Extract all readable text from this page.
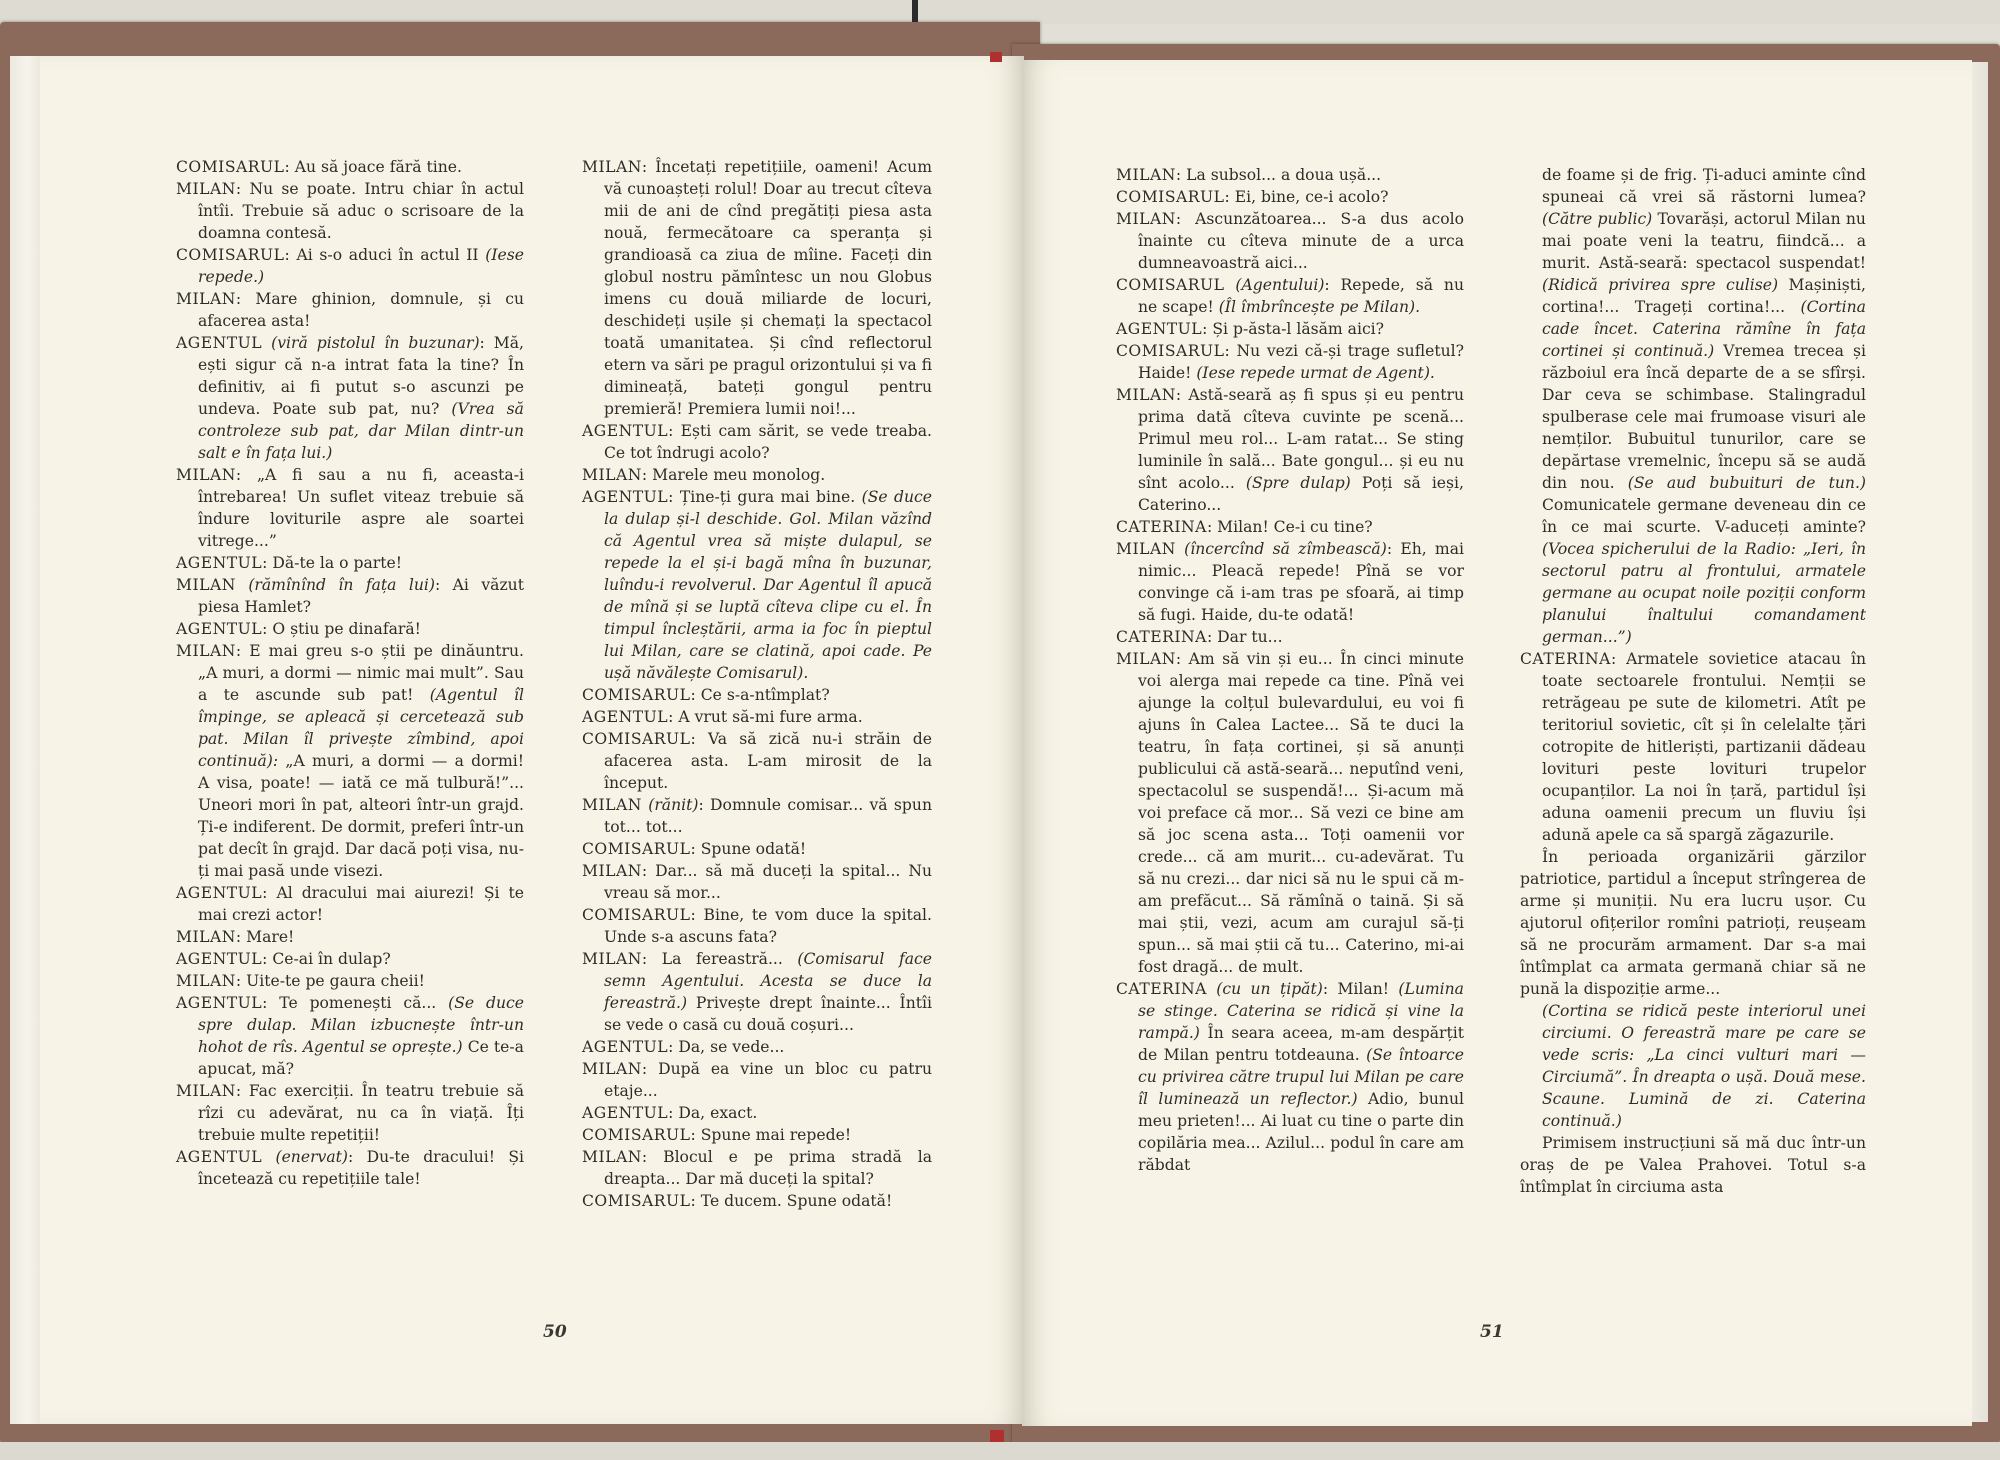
COMISARUL: Au să joace fără tine.

MILAN: Nu se poate. Intru chiar în actul întîi. Trebuie să aduc o scrisoare de la doamna contesă.

COMISARUL: Ai s-o aduci în actul II (Iese repede.)

MILAN: Mare ghinion, domnule, și cu afacerea asta!

AGENTUL (viră pistolul în buzunar): Mă, ești sigur că n-a intrat fata la tine? În definitiv, ai fi putut s-o ascunzi pe undeva. Poate sub pat, nu? (Vrea să controleze sub pat, dar Milan dintr-un salt e în fața lui.)

MILAN: „A fi sau a nu fi, aceasta-i întrebarea! Un suflet viteaz trebuie să îndure loviturile aspre ale soartei vitrege...”

AGENTUL: Dă-te la o parte!

MILAN (rămînînd în fața lui): Ai văzut piesa Hamlet?

AGENTUL: O știu pe dinafară!

MILAN: E mai greu s-o știi pe dinăuntru. „A muri, a dormi — nimic mai mult”. Sau a te ascunde sub pat! (Agentul îl împinge, se apleacă și cercetează sub pat. Milan îl privește zîmbind, apoi continuă): „A muri, a dormi — a dormi! A visa, poate! — iată ce mă tulbură!”... Uneori mori în pat, alteori într-un grajd. Ți-e indiferent. De dormit, preferi într-un pat decît în grajd. Dar dacă poți visa, nu-ți mai pasă unde visezi.

AGENTUL: Al dracului mai aiurezi! Și te mai crezi actor!

MILAN: Mare!

AGENTUL: Ce-ai în dulap?

MILAN: Uite-te pe gaura cheii!

AGENTUL: Te pomenești că... (Se duce spre dulap. Milan izbucnește într-un hohot de rîs. Agentul se oprește.) Ce te-a apucat, mă?

MILAN: Fac exerciții. În teatru trebuie să rîzi cu adevărat, nu ca în viață. Îți trebuie multe repetiții!

AGENTUL (enervat): Du-te dracului! Și încetează cu repetițiile tale!

MILAN: Încetați repetițiile, oameni! Acum vă cunoașteți rolul! Doar au trecut cîteva mii de ani de cînd pregătiți piesa asta nouă, fermecătoare ca speranța și grandioasă ca ziua de mîine. Faceți din globul nostru pămîntesc un nou Globus imens cu două miliarde de locuri, deschideți ușile și chemați la spectacol toată umanitatea. Și cînd reflectorul etern va sări pe pragul orizontului și va fi dimineață, bateți gongul pentru premieră! Premiera lumii noi!...

AGENTUL: Ești cam sărit, se vede treaba. Ce tot îndrugi acolo?

MILAN: Marele meu monolog.

AGENTUL: Ține-ți gura mai bine. (Se duce la dulap și-l deschide. Gol. Milan văzînd că Agentul vrea să miște dulapul, se repede la el și-i bagă mîna în buzunar, luîndu-i revolverul. Dar Agentul îl apucă de mînă și se luptă cîteva clipe cu el. În timpul încleștării, arma ia foc în pieptul lui Milan, care se clatină, apoi cade. Pe ușă năvălește Comisarul).

COMISARUL: Ce s-a-ntîmplat?

AGENTUL: A vrut să-mi fure arma.

COMISARUL: Va să zică nu-i străin de afacerea asta. L-am mirosit de la început.

MILAN (rănit): Domnule comisar... vă spun tot... tot...

COMISARUL: Spune odată!

MILAN: Dar... să mă duceți la spital... Nu vreau să mor...

COMISARUL: Bine, te vom duce la spital. Unde s-a ascuns fata?

MILAN: La fereastră... (Comisarul face semn Agentului. Acesta se duce la fereastră.) Privește drept înainte... Întîi se vede o casă cu două coșuri...

AGENTUL: Da, se vede...

MILAN: După ea vine un bloc cu patru etaje...

AGENTUL: Da, exact.

COMISARUL: Spune mai repede!

MILAN: Blocul e pe prima stradă la dreapta... Dar mă duceți la spital?

COMISARUL: Te ducem. Spune odată!

MILAN: La subsol... a doua ușă...

COMISARUL: Ei, bine, ce-i acolo?

MILAN: Ascunzătoarea... S-a dus acolo înainte cu cîteva minute de a urca dumneavoastră aici...

COMISARUL (Agentului): Repede, să nu ne scape! (Îl îmbrîncește pe Milan).

AGENTUL: Și p-ăsta-l lăsăm aici?

COMISARUL: Nu vezi că-și trage sufletul? Haide! (Iese repede urmat de Agent).

MILAN: Astă-seară aș fi spus și eu pentru prima dată cîteva cuvinte pe scenă... Primul meu rol... L-am ratat... Se sting luminile în sală... Bate gongul... și eu nu sînt acolo... (Spre dulap) Poți să ieși, Caterino...

CATERINA: Milan! Ce-i cu tine?

MILAN (încercînd să zîmbească): Eh, mai nimic... Pleacă repede! Pînă se vor convinge că i-am tras pe sfoară, ai timp să fugi. Haide, du-te odată!

CATERINA: Dar tu...

MILAN: Am să vin și eu... În cinci minute voi alerga mai repede ca tine. Pînă vei ajunge la colțul bulevardului, eu voi fi ajuns în Calea Lactee... Să te duci la teatru, în fața cortinei, și să anunți publicului că astă-seară... neputînd veni, spectacolul se suspendă!... Și-acum mă voi preface că mor... Să vezi ce bine am să joc scena asta... Toți oamenii vor crede... că am murit... cu-adevărat. Tu să nu crezi... dar nici să nu le spui că m-am prefăcut... Să rămînă o taină. Și să mai știi, vezi, acum am curajul să-ți spun... să mai știi că tu... Caterino, mi-ai fost dragă... de mult.

CATERINA (cu un țipăt): Milan! (Lumina se stinge. Caterina se ridică și vine la rampă.) În seara aceea, m-am despărțit de Milan pentru totdeauna. (Se întoarce cu privirea către trupul lui Milan pe care îl luminează un reflector.) Adio, bunul meu prieten!... Ai luat cu tine o parte din copilăria mea... Azilul... podul în care am răbdat

de foame și de frig. Ți-aduci aminte cînd spuneai că vrei să răstorni lumea? (Către public) Tovarăși, actorul Milan nu mai poate veni la teatru, fiindcă... a murit. Astă-seară: spectacol suspendat! (Ridică privirea spre culise) Mașiniști, cortina!... Trageți cortina!... (Cortina cade încet. Caterina rămîne în fața cortinei și continuă.) Vremea trecea și războiul era încă departe de a se sfîrși. Dar ceva se schimbase. Stalingradul spulberase cele mai frumoase visuri ale nemților. Bubuitul tunurilor, care se depărtase vremelnic, începu să se audă din nou. (Se aud bubuituri de tun.) Comunicatele germane deveneau din ce în ce mai scurte. V-aduceți aminte? (Vocea spicherului de la Radio: „Ieri, în sectorul patru al frontului, armatele germane au ocupat noile poziții conform planului înaltului comandament german...”)

CATERINA: Armatele sovietice atacau în toate sectoarele frontului. Nemții se retrăgeau pe sute de kilometri. Atît pe teritoriul sovietic, cît și în celelalte țări cotropite de hitleriști, partizanii dădeau lovituri peste lovituri trupelor ocupanților. La noi în țară, partidul își aduna oamenii precum un fluviu își adună apele ca să spargă zăgazurile.

În perioada organizării gărzilor patriotice, partidul a început strîngerea de arme și muniții. Nu era lucru ușor. Cu ajutorul ofițerilor romîni patrioți, reușeam să ne procurăm armament. Dar s-a mai întîmplat ca armata germană chiar să ne pună la dispoziție arme...

(Cortina se ridică peste interiorul unei circiumi. O fereastră mare pe care se vede scris: „La cinci vulturi mari — Circiumă”. În dreapta o ușă. Două mese. Scaune. Lumină de zi. Caterina continuă.)

Primisem instrucțiuni să mă duc într-un oraș de pe Valea Prahovei. Totul s-a întîmplat în circiuma asta

50	51
